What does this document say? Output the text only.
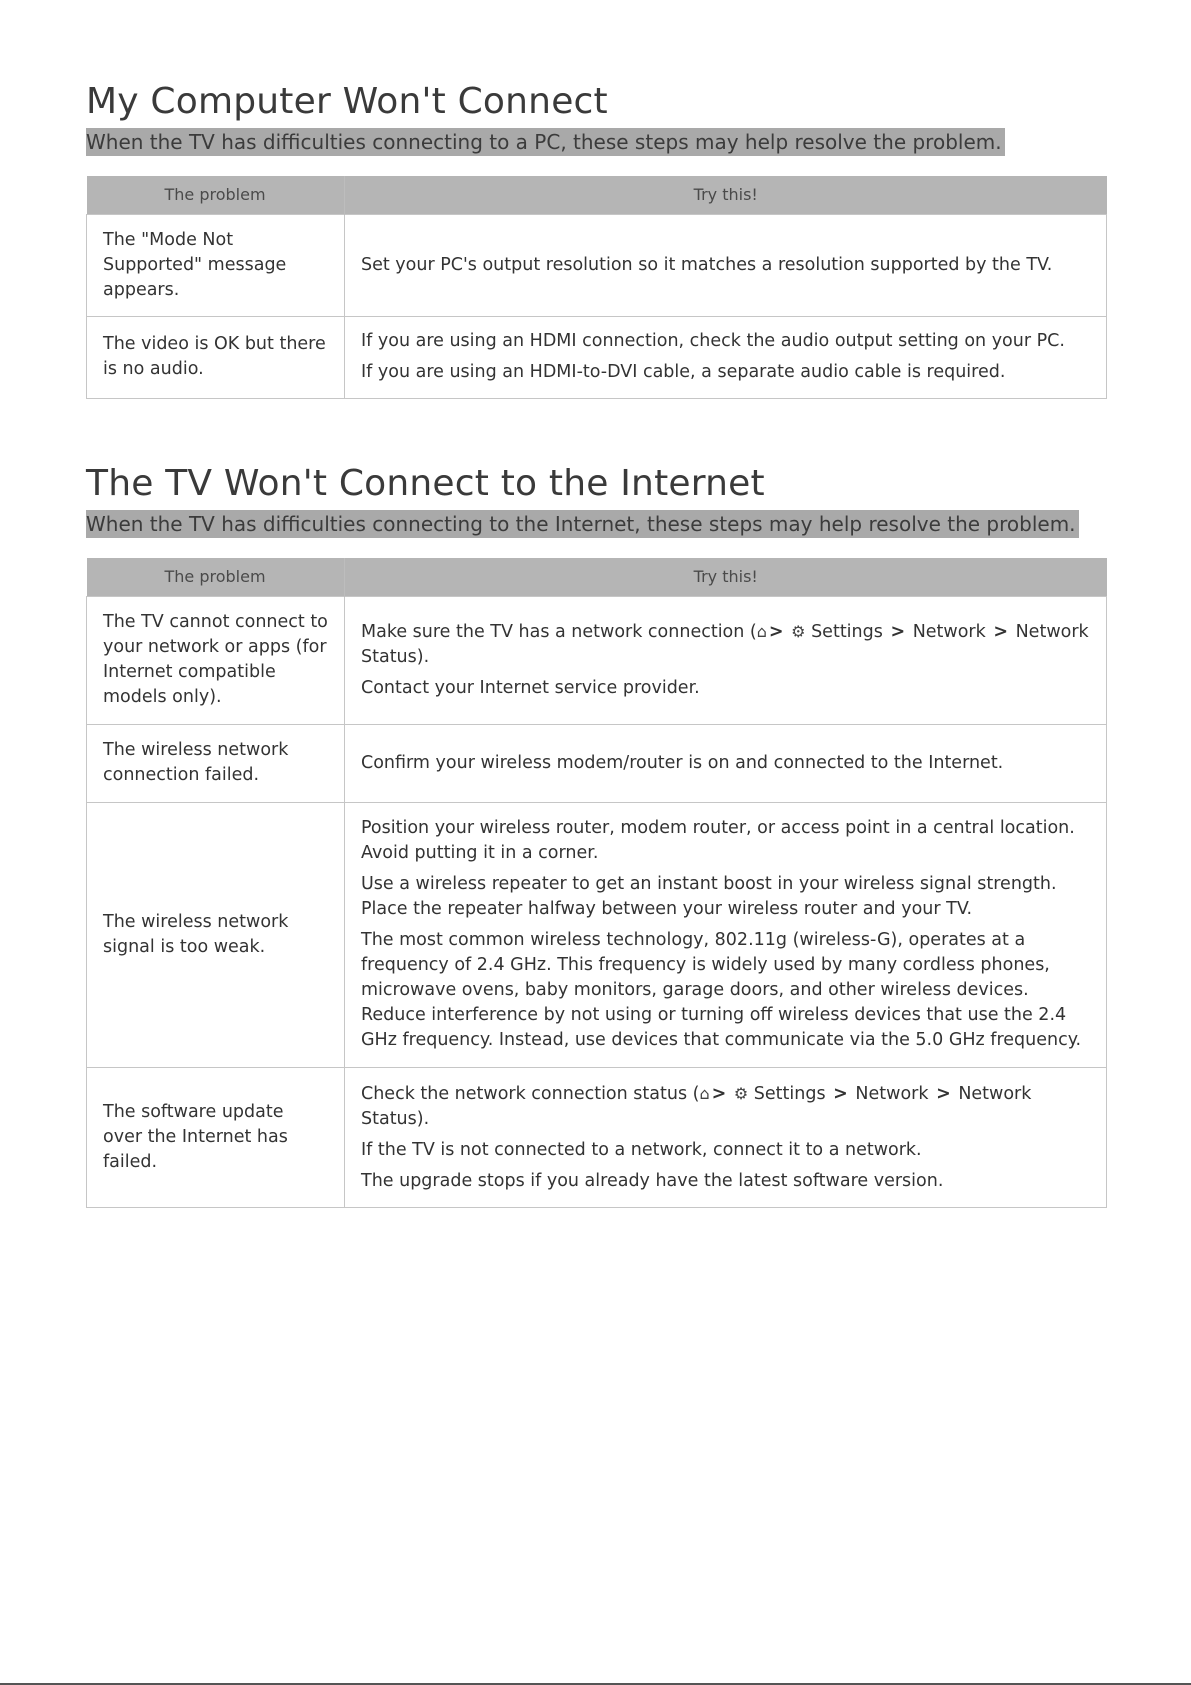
My Computer Won't Connect
When the TV has difficulties connecting to a PC, these steps may help resolve the problem.
The problem	Try this!
The "Mode Not Supported" message appears.	Set your PC's output resolution so it matches a resolution supported by the TV.

The video is OK but there is no audio.	If you are using an HDMI connection, check the audio output setting on your PC.

If you are using an HDMI-to-DVI cable, a separate audio cable is required.

The TV Won't Connect to the Internet
When the TV has difficulties connecting to the Internet, these steps may help resolve the problem.
The problem	Try this!
The TV cannot connect to your network or apps (for Internet compatible models only).	Make sure the TV has a network connection (⌂ > ⚙ Settings > Network > Network Status).

Contact your Internet service provider.

The wireless network connection failed.	Confirm your wireless modem/router is on and connected to the Internet.

The wireless network signal is too weak.	Position your wireless router, modem router, or access point in a central location. Avoid putting it in a corner.

Use a wireless repeater to get an instant boost in your wireless signal strength. Place the repeater halfway between your wireless router and your TV.

The most common wireless technology, 802.11g (wireless-G), operates at a frequency of 2.4 GHz. This frequency is widely used by many cordless phones, microwave ovens, baby monitors, garage doors, and other wireless devices. Reduce interference by not using or turning off wireless devices that use the 2.4 GHz frequency. Instead, use devices that communicate via the 5.0 GHz frequency.

The software update over the Internet has failed.	Check the network connection status (⌂ > ⚙ Settings > Network > Network Status).

If the TV is not connected to a network, connect it to a network.

The upgrade stops if you already have the latest software version.
